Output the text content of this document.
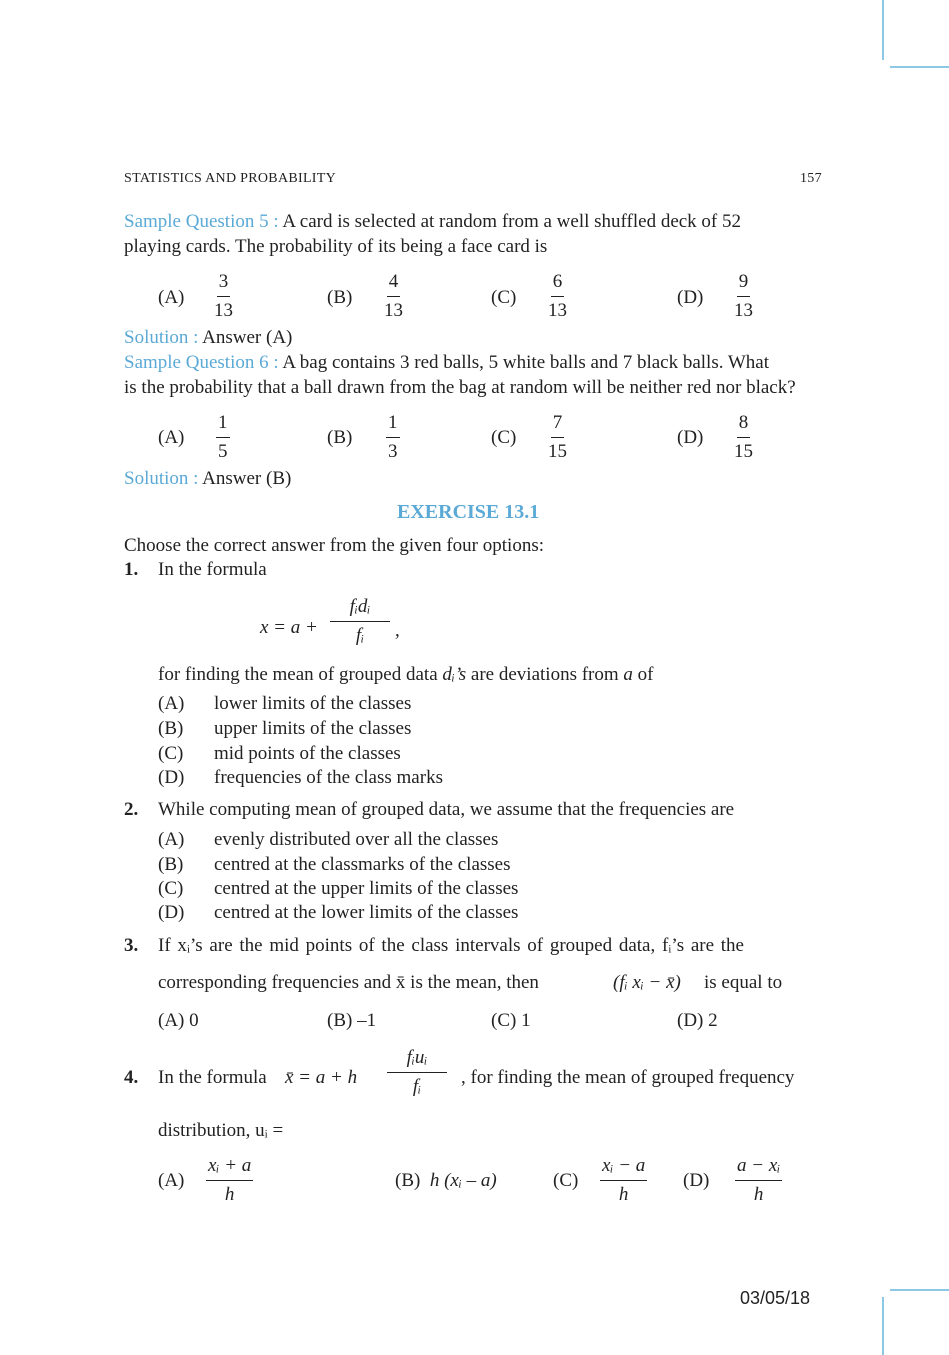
STATISTICS AND PROBABILITY	157
Sample Question 5 : A card is selected at random from a well shuffled deck of 52
playing cards. The probability of its being a face card is
$(A) \frac{3}{13}$	$(B) \frac{4}{13}$	$(C) \frac{6}{13}$	$(D) \frac{9}{13}$
Solution : Answer (A)
Sample Question 6 : A bag contains 3 red balls, 5 white balls and 7 black balls. What
is the probability that a ball drawn from the bag at random will be neither red nor black?
$(A) \frac{1}{5}$	$(B) \frac{1}{3}$	$(C) \frac{7}{15}$	$(D) \frac{8}{15}$
Solution : Answer (B)
EXERCISE 13.1
Choose the correct answer from the given four options:
1. In the formula
x = a +
fᵢdᵢ
fᵢ ,
for finding the mean of grouped data dᵢ’s are deviations from a of
(A) lower limits of the classes
(B) upper limits of the classes
(C) mid points of the classes
(D) frequencies of the class marks
2. While computing mean of grouped data, we assume that the frequencies are
(A) evenly distributed over all the classes
(B) centred at the classmarks of the classes
(C) centred at the upper limits of the classes
(D) centred at the lower limits of the classes
3. If xᵢ’s are the mid points of the class intervals of grouped data, fᵢ’s are the
corresponding frequencies and x̄ is the mean, then	(fᵢ xᵢ − x̄) is equal to
(A) 0	(B) –1	(C) 1	(D) 2
4. In the formula x̄ = a + h
fᵢuᵢ
fᵢ , for finding the mean of grouped frequency
distribution, uᵢ =
$(A) \frac{\text{xᵢ + a}}{h}$	(B) h (xᵢ – a)	$(C) \frac{\text{xᵢ − a}}{h} (D) \frac{\text{a − xᵢ}}{h}$
03/05/18
